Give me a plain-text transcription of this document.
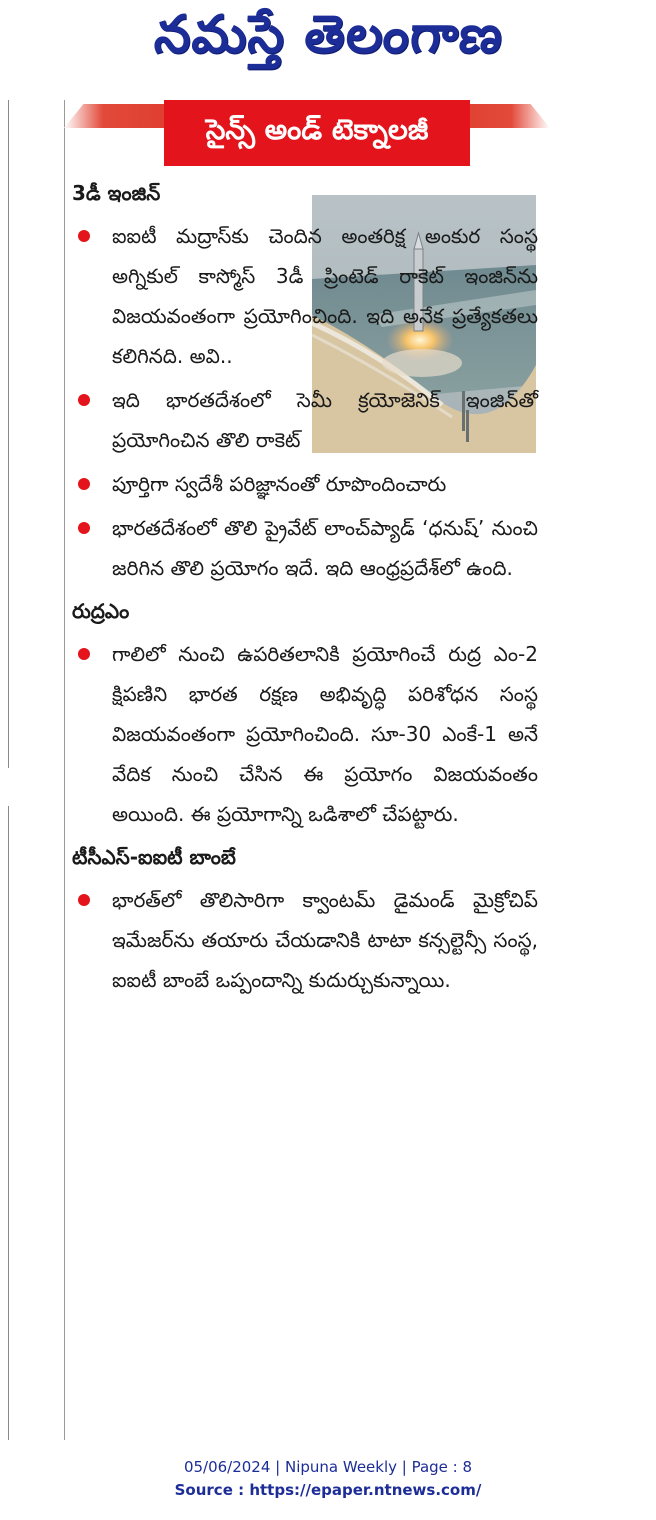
నమస్తే తెలంగాణ
సైన్స్ అండ్ టెక్నాలజీ

3డీ ఇంజిన్

ఐఐటీ మద్రాస్‌కు చెందిన అంతరిక్ష అంకుర సంస్థ అగ్నికుల్ కాస్మోస్ 3డీ ప్రింటెడ్ రాకెట్ ఇంజిన్‌ను విజయవంతంగా ప్రయోగించింది. ఇది అనేక ప్రత్యేకతలు కలిగినది. అవి..

ఇది భారతదేశంలో సెమీ క్రయోజెనిక్ ఇంజిన్‌తో ప్రయోగించిన తొలి రాకెట్

పూర్తిగా స్వదేశీ పరిజ్ఞానంతో రూపొందించారు

భారతదేశంలో తొలి ప్రైవేట్ లాంచ్‌ప్యాడ్ ‘ధనుష్’ నుంచి జరిగిన తొలి ప్రయోగం ఇదే. ఇది ఆంధ్రప్రదేశ్‌లో ఉంది.

రుద్రఎం

గాలిలో నుంచి ఉపరితలానికి ప్రయోగించే రుద్ర ఎం-2 క్షిపణిని భారత రక్షణ అభివృద్ధి పరిశోధన సంస్థ విజయవంతంగా ప్రయోగించింది. సూ-30 ఎంకే-1 అనే వేదిక నుంచి చేసిన ఈ ప్రయోగం విజయవంతం అయింది. ఈ ప్రయోగాన్ని ఒడిశాలో చేపట్టారు.

టీసీఎస్-ఐఐటీ బాంబే

భారత్‌లో తొలిసారిగా క్వాంటమ్ డైమండ్ మైక్రోచిప్ ఇమేజర్‌ను తయారు చేయడానికి టాటా కన్సల్టెన్సీ సంస్థ, ఐఐటీ బాంబే ఒప్పందాన్ని కుదుర్చుకున్నాయి.

05/06/2024 | Nipuna Weekly | Page : 8
Source : https://epaper.ntnews.com/
